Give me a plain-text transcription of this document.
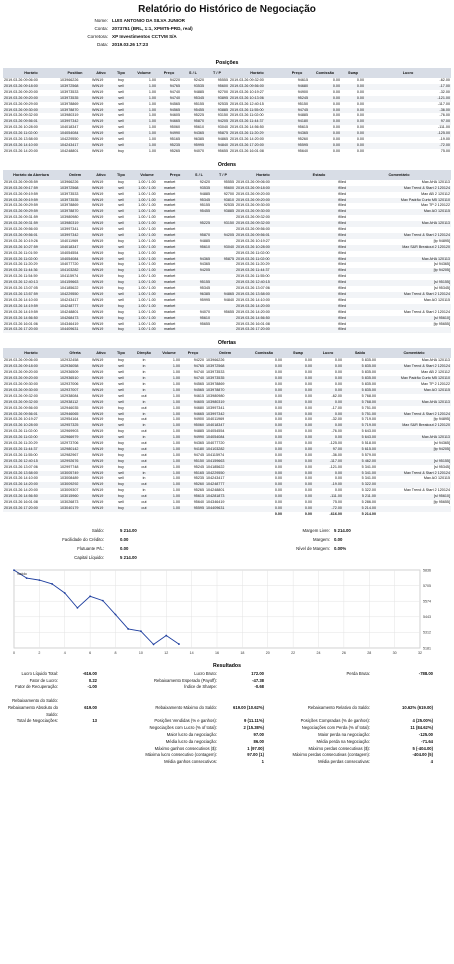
Relatório do Histórico de Negociação
Nome: LUIS ANTONIO DA SILVA JUNIOR
Conta: 2073751 (BRL, 1:1, XPMT5-PRD, real)
Corretora: XP Investimentos CCTVM S/A
Data: 2019.03.26 17:23
Posições
Horário	Position	Ativo	Tipo	Volume	Preço	S / L	T / P	Horário	Preço	Comissão	Swap	Lucro
2019.03.26 09:06:00	103966226	WIN19	buy	1.00	94220	92420	95555	2019.03.26 09:32:00	94615	0.00	0.00	-62.00
2019.03.26 09:18:00	103972568	WIN19	sell	1.00	94765	93535	95600	2019.03.26 09:56:00	94680	0.00	0.00	-17.00
2019.03.26 09:20:00	103973533	WIN19	sell	1.00	94740	94885	92700	2019.03.26 10:19:27	94900	0.00	0.00	-32.00
2019.03.26 09:20:00	103973535	WIN19	sell	1.00	94740	95345	93895	2019.03.26 10:13:06	95245	0.00	0.00	-121.00
2019.03.26 09:29:00	103978869	WIN19	sell	1.00	94565	95155	92535	2019.03.26 12:40:15	95150	0.00	0.00	-117.00
2019.03.26 09:30:00	103978870	WIN19	sell	1.00	94565	95455	93885	2019.03.26 11:55:00	94745	0.00	0.00	-36.00
2019.03.26 09:32:00	103980319	WIN19	sell	1.00	94605	95225	93150	2019.03.26 11:02:00	94885	0.00	0.00	-76.00
2019.03.26 09:56:01	103997342	WIN19	sell	1.00	94665	95870	94205	2019.03.26 11:44:37	94180	0.00	0.00	97.00
2019.03.26 10:28:00	104018347	WIN19	sell	1.00	95060	95610	93040	2019.03.26 14:56:50	95615	0.00	0.00	-111.00
2019.03.26 11:02:00	104054084	WIN19	sell	1.00	94990	94365	95875	2019.03.26 11:20:29	94365	0.00	0.00	-125.00
2019.03.26 13:58:00	104229550	WIN19	sell	1.00	95165	96385	94865	2019.03.26 14:20:00	95260	0.00	0.00	-19.00
2019.03.26 14:10:00	104243417	WIN19	sell	1.00	95235	95995	94840	2019.03.26 17:20:00	95595	0.00	0.00	-72.00
2019.03.26 14:20:00	104248801	WIN19	buy	1.00	95265	94070	95655	2019.03.26 16:01:08	95640	0.00	0.00	75.00
Ordens
Horário da Abertura	Ordem	Ativo	Tipo	Volume	Preço	S / L	T / P	Horário	Estado	Comentário
2019.03.26 09:05:59	103966226	WIN19	buy	1.00 / 1.00	market	92420	95555	2019.03.26 09:06:00	filled	Max AHA 120113
2019.03.26 09:17:59	103972568	WIN19	sell	1.00 / 1.00	market	93535	95600	2019.03.26 09:18:00	filled	Max Trend & Start 2 120124
2019.03.26 09:19:59	103973533	WIN19	sell	1.00 / 1.00	market	94885	92700	2019.03.26 09:20:00	filled	Max AB 2 120112
2019.03.26 09:19:59	103973535	WIN19	sell	1.00 / 1.00	market	95345	93810	2019.03.26 09:20:00	filled	Max Padrão Curto M5 120110
2019.03.26 09:29:59	103978869	WIN19	sell	1.00 / 1.00	market	95155	92535	2019.03.26 09:30:00	filled	Max TP 2 120122
2019.03.26 09:29:59	103978870	WIN19	sell	1.00 / 1.00	market	95455	93885	2019.03.26 09:30:00	filled	Max AO 120115
2019.03.26 09:31:59	103980980	WIN19	sell	1.00 / 1.00	market			2019.03.26 09:32:00	filled	
2019.03.26 09:31:59	103980319	WIN19	sell	1.00 / 1.00	market	95225	93150	2019.03.26 09:32:00	filled	Max AHA 120113
2019.03.26 09:56:00	103997341	WIN19	sell	1.00 / 1.00	market			2019.03.26 09:56:00	filled	
2019.03.26 09:56:01	103997342	WIN19	sell	1.00 / 1.00	market	95870	94205	2019.03.26 09:56:01	filled	Max Trend & Start 2 120124
2019.03.26 10:19:26	104011969	WIN19	buy	1.00 / 1.00	market	94885		2019.03.26 10:19:27	filled	[tp 94895]
2019.03.26 10:27:59	104018347	WIN19	sell	1.00 / 1.00	market	95610	93040	2019.03.26 10:28:00	filled	Max S&R Breakout 2 120120
2019.03.26 11:01:59	104054554	WIN19	buy	1.00 / 1.00	market			2019.03.26 11:02:00	filled	
2019.03.26 11:02:00	104054084	WIN19	sell	1.00 / 1.00	market	94365	95875	2019.03.26 11:02:00	filled	Max AHA 120113
2019.03.26 11:20:29	104077720	WIN19	buy	1.00 / 1.00	market	94365		2019.03.26 11:20:29	filled	[sl 94365]
2019.03.26 11:44:36	104103282	WIN19	buy	1.00 / 1.00	market	94205		2019.03.26 11:44:37	filled	[tp 94205]
2019.03.26 11:54:59	104115974	WIN19	buy	1.00 / 1.00	market			2019.03.26 11:55:00	filled	
2019.03.26 12:40:13	104159663	WIN19	buy	1.00 / 1.00	market	95155		2019.03.26 12:40:15	filled	[sl 95155]
2019.03.26 13:07:05	104185622	WIN19	buy	1.00 / 1.00	market	95345		2019.03.26 13:07:06	filled	[sl 95345]
2019.03.26 13:57:59	104229550	WIN19	sell	1.00 / 1.00	market	96385	94865	2019.03.26 13:58:00	filled	Max Trend & Start 2 120124
2019.03.26 14:10:00	104243417	WIN19	sell	1.00 / 1.00	market	95995	94840	2019.03.26 14:10:00	filled	Max AO 120115
2019.03.26 14:19:59	104248777	WIN19	buy	1.00 / 1.00	market			2019.03.26 14:20:00	filled	
2019.03.26 14:19:59	104248801	WIN19	buy	1.00 / 1.00	market	94070	95655	2019.03.26 14:20:00	filled	Max Trend & Start 2 120124
2019.03.26 14:56:50	104268473	WIN19	buy	1.00 / 1.00	market	95610		2019.03.26 14:56:50	filled	[sl 95610]
2019.03.26 16:01:06	104346419	WIN19	sell	1.00 / 1.00	market	95655		2019.03.26 16:01:08	filled	[tp 95655]
2019.03.26 17:20:00	104409631	WIN19	buy	1.00 / 1.00	market			2019.03.26 17:20:00	filled	
Ofertas
Horário	Oferta	Ativo	Tipo	Direção	Volume	Preço	Ordem	Comissão	Swap	Lucro	Saldo	Comentário
2019.03.26 09:06:00	102932458	WIN19	buy	in	1.00	94220	103966226	0.00	0.00	0.00	5 835.00	Max AHA 120113
2019.03.26 09:18:00	102936058	WIN19	sell	in	1.00	94765	103972568	0.00	0.00	0.00	5 835.00	Max Trend & Start 2 120124
2019.03.26 09:20:00	102936509	WIN19	sell	in	1.00	94740	103973533	0.00	0.00	0.00	5 835.00	Max AB 2 120112
2019.03.26 09:20:00	102936510	WIN19	sell	in	1.00	94740	103973535	0.00	0.00	0.00	5 835.00	Max Padrão Curto M5 120110
2019.03.26 09:30:00	102937006	WIN19	sell	in	1.00	94565	103978869	0.00	0.00	0.00	5 835.00	Max TP 2 120122
2019.03.26 09:30:00	102937007	WIN19	sell	in	1.00	94565	103978870	0.00	0.00	0.00	5 835.00	Max AO 120115
2019.03.26 09:32:00	102938084	WIN19	sell	out	1.00	94615	103980980	0.00	0.00	-62.00	5 768.00	
2019.03.26 09:32:00	102938112	WIN19	sell	in	1.00	94605	103980319	0.00	0.00	0.00	5 768.00	Max AHA 120113
2019.03.26 09:56:00	102946035	WIN19	buy	out	1.00	94680	103997341	0.00	0.00	-17.00	5 751.00	
2019.03.26 09:56:01	102946065	WIN19	sell	in	1.00	94665	103997342	0.00	0.00	0.00	5 751.00	Max Trend & Start 2 120124
2019.03.26 10:19:27	102954164	WIN19	buy	out	1.00	94900	104011969	0.00	0.00	-32.00	5 719.00	[tp 94895]
2019.03.26 10:28:00	102957325	WIN19	sell	in	1.00	95060	104018347	0.00	0.00	0.00	5 719.00	Max S&R Breakout 2 120120
2019.03.26 11:02:00	102969903	WIN19	buy	out	1.00	94885	104054554	0.00	0.00	-76.00	5 643.00	
2019.03.26 11:02:00	102966979	WIN19	sell	in	1.00	94990	104054084	0.00	0.00	0.00	5 643.00	Max AHA 120113
2019.03.26 11:20:29	102973706	WIN19	buy	out	1.00	94365	104077720	0.00	0.00	-125.00	5 518.00	[sl 94365]
2019.03.26 11:44:37	102980142	WIN19	buy	out	1.00	94180	104103282	0.00	0.00	97.00	5 615.00	[tp 94205]
2019.03.26 11:55:00	102982967	WIN19	buy	out	1.00	94745	104115974	0.00	0.00	-36.00	5 579.00	
2019.03.26 12:40:15	102992676	WIN19	buy	out	1.00	95150	104159663	0.00	0.00	-117.00	5 462.00	[sl 95155]
2019.03.26 13:07:06	102997748	WIN19	buy	out	1.00	95245	104185622	0.00	0.00	-121.00	5 341.00	[sl 95345]
2019.03.26 13:58:00	103005749	WIN19	sell	in	1.00	95165	104229550	0.00	0.00	0.00	5 341.00	Max Trend & Start 2 120124
2019.03.26 14:10:00	103008489	WIN19	sell	in	1.00	95235	104243417	0.00	0.00	0.00	5 341.00	Max AO 120115
2019.03.26 14:20:00	103009292	WIN19	buy	out	1.00	95260	104248777	0.00	0.00	-19.00	5 322.00	
2019.03.26 14:20:00	103009307	WIN19	buy	in	1.00	95265	104248801	0.00	0.00	0.00	5 322.00	Max Trend & Start 2 120124
2019.03.26 14:56:50	103015960	WIN19	buy	out	1.00	95615	104281873	0.00	0.00	-111.00	5 211.00	[sl 95610]
2019.03.26 16:01:08	103026873	WIN19	sell	out	1.00	95640	104346419	0.00	0.00	75.00	5 286.00	[tp 95655]
2019.03.26 17:20:00	103040179	WIN19	buy	out	1.00	95595	104409631	0.00	0.00	-72.00	5 214.00	
								0.00	0.00	-616.00	5 214.00	
Saldo:	5 214.00	Margem Livre: 5 214.00
Facilidade do Crédito:	0.00	Margem: 0.00
Flutuante P/L:	0.00	Nível de Margem: 0.00%
Capital Líquido:	5 214.00
0	2	4	6	8	10	12	14	16	18	20	22	24	26	28	30	32
5836
5705
5574
5443
5312
5181
Saldo
Resultados
Lucro Líquido Total:	-616.00	Lucro Bruto:	172.00	Perda Bruta:	-788.00
Fator de Lucro:	0.22	Rebaixamento Esperado (Payoff):	-47.38
Fator de Recuperação:	-1.00	Índice de Sharpe:	-0.68
Rebaixamento do Saldo:
Rebaixamento Absoluto do Saldo:
619.00	Rebaixamento Máximo do Saldo:	619.00 (10.62%)	Rebaixamento Relativo do Saldo:	10.62% (619.00)
Total de Negociações:	13	Posições Vendidas (% e ganhos):	9 (11.11%)	Posições Compradas (% de ganhos):	4 (25.00%)
Negociações com Lucro (% of total):	2 (15.38%)	Negociações com Perda (% of total):	11 (84.62%)
Maior lucro da negociação:	97.00	Maior perda na negociação:	-125.00
Média lucro da negociação:	86.00	Média perda na Negociação:	-71.64
Máximo ganhos consecutivos ($):	1 (97.00)	Máximo perdas consecutivas ($):	5 (-404.00)
Máxima lucro consecutivo (contagem):	97.00 (1)	Máximo perdas consecutivas (contagem):	-404.00 (5)
Média ganhos consecutivos:	1	Média perdas consecutivas:	4
